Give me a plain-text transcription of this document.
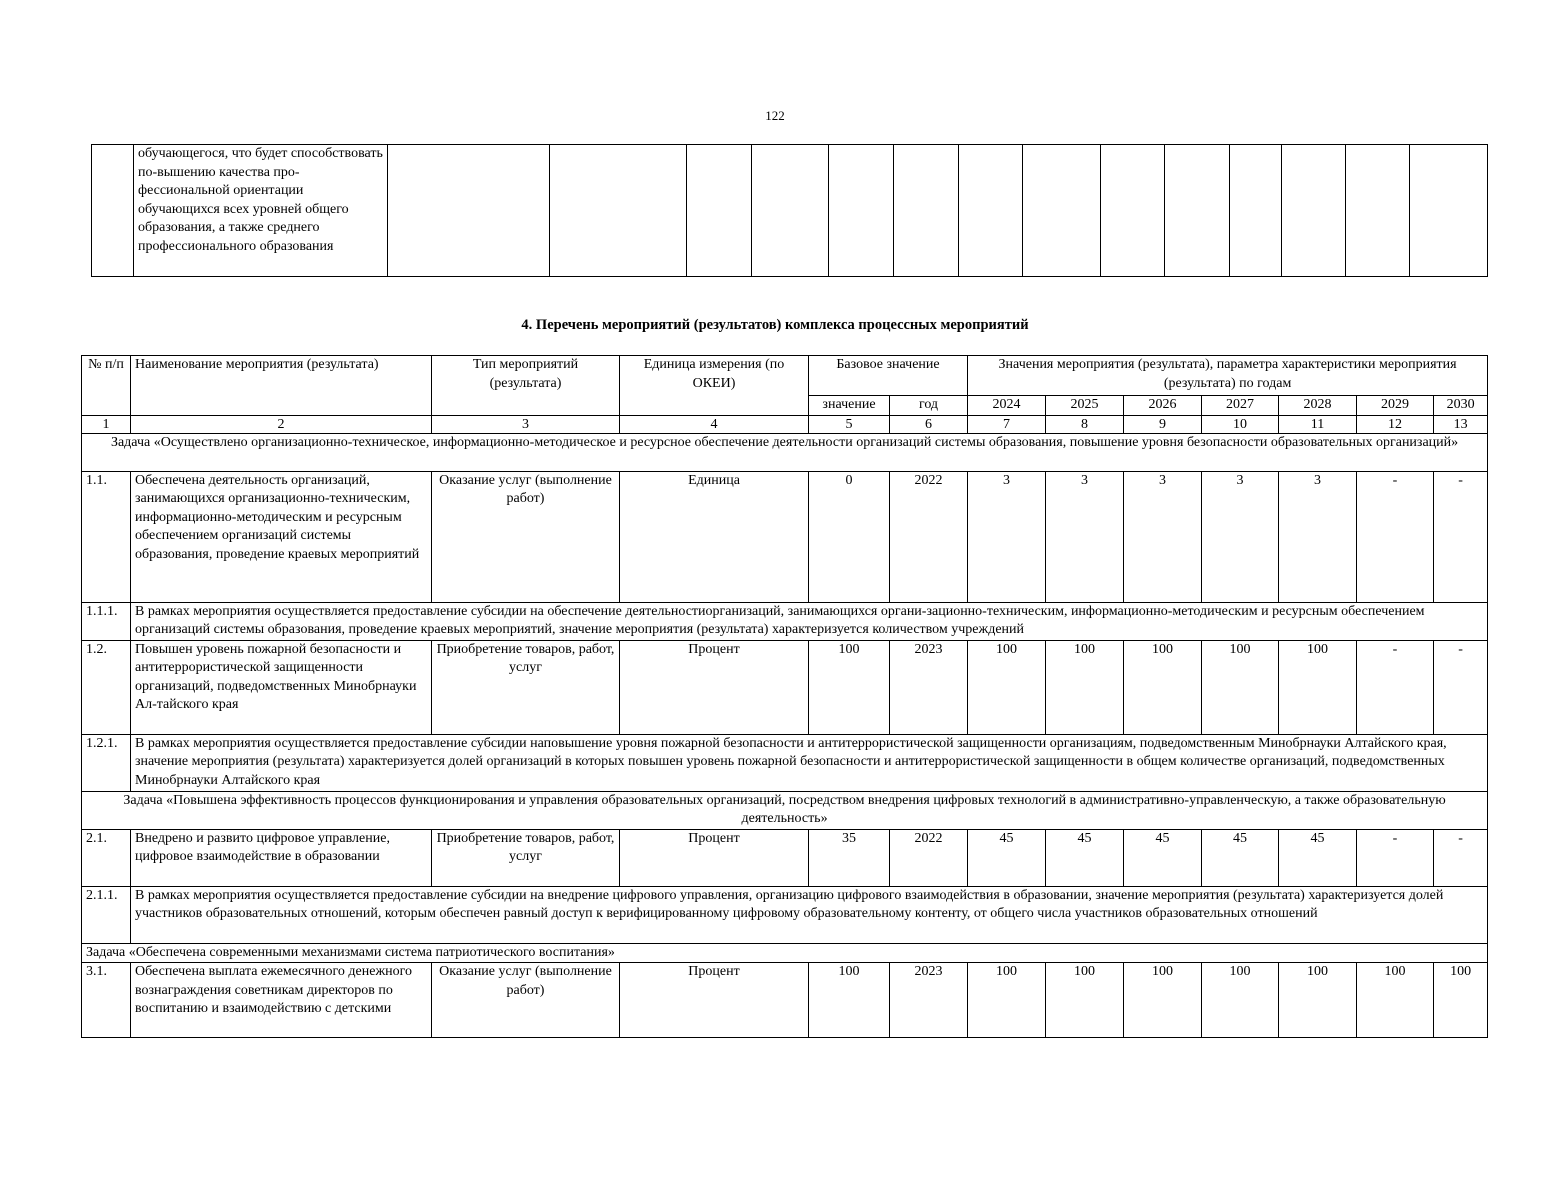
122
	обучающегося, что будет способствовать по-вышению качества про-фессиональной ориентации обучающихся всех уровней общего образования, а также среднего профессионального образования														
4. Перечень мероприятий (результатов) комплекса процессных мероприятий
№ п/п	Наименование мероприятия (результата)	Тип мероприятий (результата)	Единица измерения (по ОКЕИ)	Базовое значение		Значения мероприятия (результата), параметра характеристики мероприятия (результата) по годам						
				значение	год	2024	2025	2026	2027	2028	2029	2030
1	2	3	4	5	6	7	8	9	10	11	12	13
Задача «Осуществлено организационно-техническое, информационно-методическое и ресурсное обеспечение деятельности организаций системы образования, повышение уровня безопасности образовательных организаций»												
1.1.	Обеспечена деятельность организаций, занимающихся организационно-техническим, информационно-методическим и ресурсным обеспечением организаций системы образования, проведение краевых мероприятий	Оказание услуг (выполнение работ)	Единица	0	2022	3	3	3	3	3	-	-
1.1.1.	В рамках мероприятия осуществляется предоставление субсидии на обеспечение деятельностиорганизаций, занимающихся органи-зационно-техническим, информационно-методическим и ресурсным обеспечением организаций системы образования, проведение краевых мероприятий, значение мероприятия (результата) характеризуется количеством учреждений											
1.2.	Повышен уровень пожарной безопасности и антитеррористической защищенности организаций, подведомственных Минобрнауки Ал-тайского края	Приобретение товаров, работ, услуг	Процент	100	2023	100	100	100	100	100	-	-
1.2.1.	В рамках мероприятия осуществляется предоставление субсидии наповышение уровня пожарной безопасности и антитеррористической защищенности организациям, подведомственным Минобрнауки Алтайского края, значение мероприятия (результата) характеризуется долей организаций в которых повышен уровень пожарной безопасности и антитеррористической защищенности в общем количестве организаций, подведомственных Минобрнауки Алтайского края											
Задача «Повышена эффективность процессов функционирования и управления образовательных организаций, посредством внедрения цифровых технологий в административно-управленческую, а также образовательную деятельность»												
2.1.	Внедрено и развито цифровое управление, цифровое взаимодействие в образовании	Приобретение товаров, работ, услуг	Процент	35	2022	45	45	45	45	45	-	-
2.1.1.	В рамках мероприятия осуществляется предоставление субсидии на внедрение цифрового управления, организацию цифрового взаимодействия в образовании, значение мероприятия (результата) характеризуется долей участников образовательных отношений, которым обеспечен равный доступ к верифицированному цифровому образовательному контенту, от общего числа участников образовательных отношений											
Задача «Обеспечена современными механизмами система патриотического воспитания»												
3.1.	Обеспечена выплата ежемесячного денежного вознаграждения советникам директоров по воспитанию и взаимодействию с детскими	Оказание услуг (выполнение работ)	Процент	100	2023	100	100	100	100	100	100	100
